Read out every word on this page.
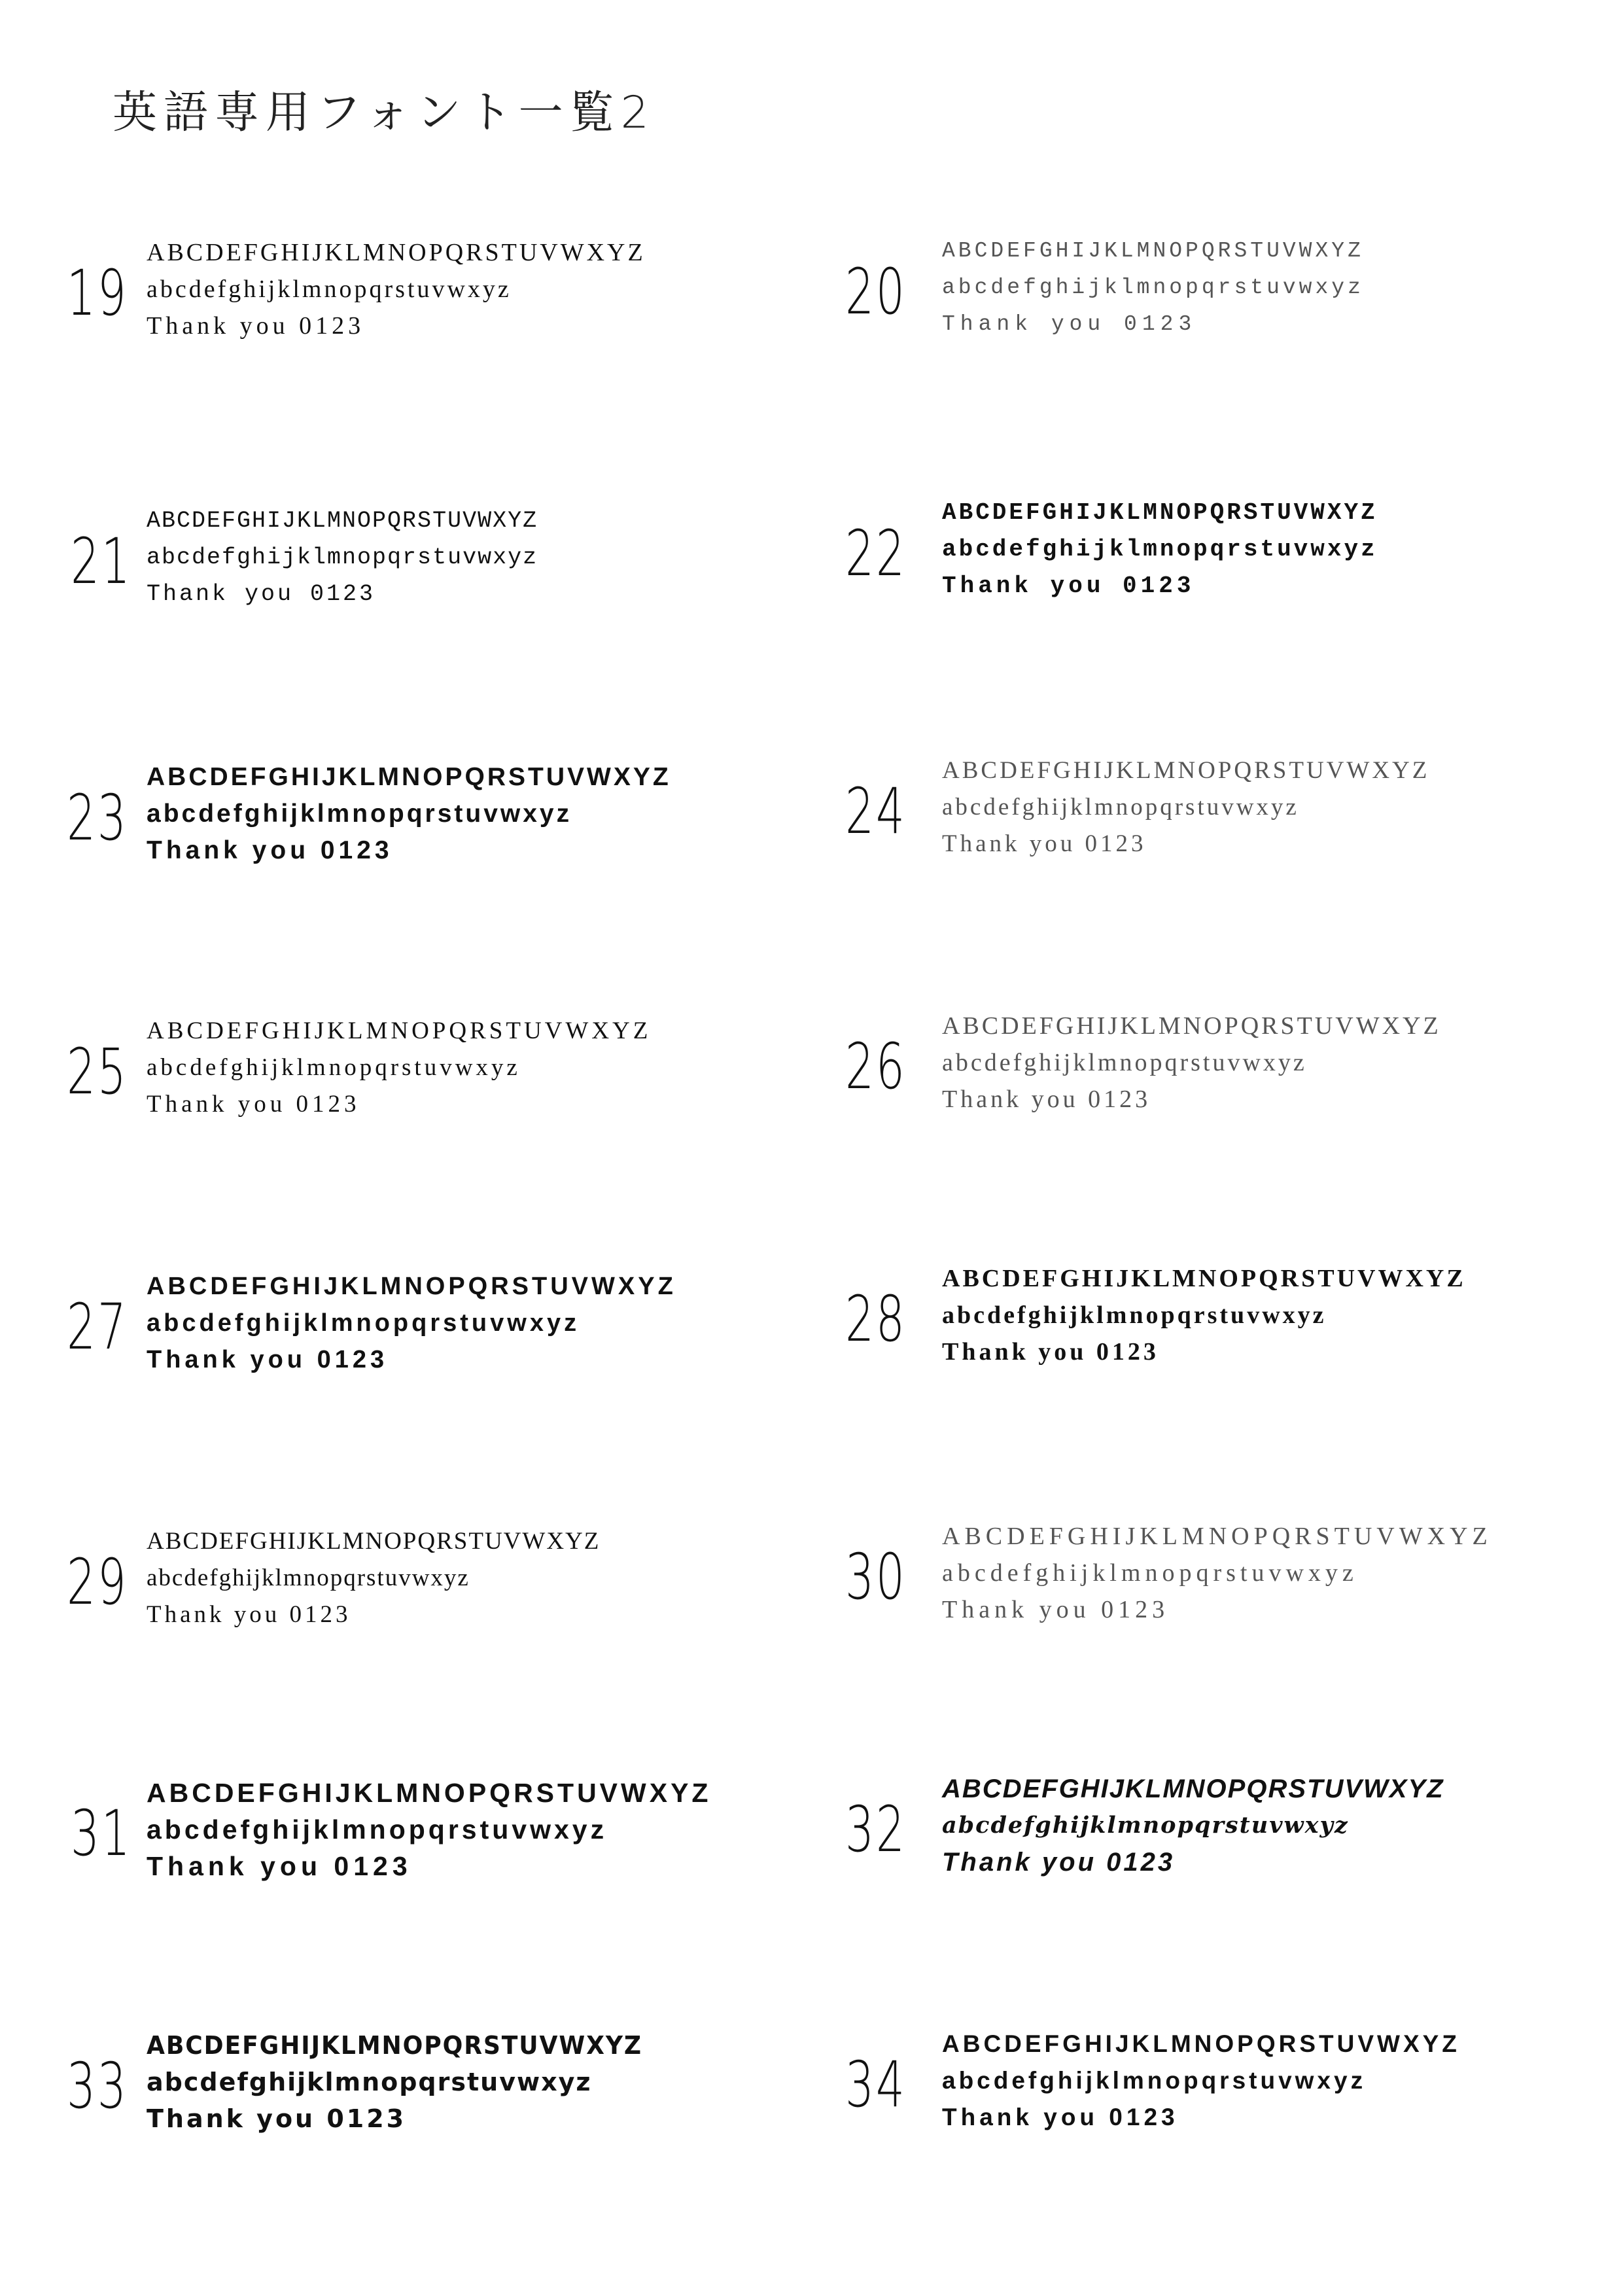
英語専用フォント一覧2
19
ABCDEFGHIJKLMNOPQRSTUVWXYZ
abcdefghijklmnopqrstuvwxyz
Thank you 0123	20
ABCDEFGHIJKLMNOPQRSTUVWXYZ
abcdefghijklmnopqrstuvwxyz
Thank you 0123
21
ABCDEFGHIJKLMNOPQRSTUVWXYZ
abcdefghijklmnopqrstuvwxyz
Thank you 0123
22
ABCDEFGHIJKLMNOPQRSTUVWXYZ
abcdefghijklmnopqrstuvwxyz
Thank you 0123
23
ABCDEFGHIJKLMNOPQRSTUVWXYZ
abcdefghijklmnopqrstuvwxyz
Thank you 0123
24
ABCDEFGHIJKLMNOPQRSTUVWXYZ
abcdefghijklmnopqrstuvwxyz
Thank you 0123
25
ABCDEFGHIJKLMNOPQRSTUVWXYZ
abcdefghijklmnopqrstuvwxyz
Thank you 0123
26
ABCDEFGHIJKLMNOPQRSTUVWXYZ
abcdefghijklmnopqrstuvwxyz
Thank you 0123
27
ABCDEFGHIJKLMNOPQRSTUVWXYZ
abcdefghijklmnopqrstuvwxyz
Thank you 0123
28
ABCDEFGHIJKLMNOPQRSTUVWXYZ
abcdefghijklmnopqrstuvwxyz
Thank you 0123
29
ABCDEFGHIJKLMNOPQRSTUVWXYZ
abcdefghijklmnopqrstuvwxyz
Thank you 0123
30
ABCDEFGHIJKLMNOPQRSTUVWXYZ
abcdefghijklmnopqrstuvwxyz
Thank you 0123
31
ABCDEFGHIJKLMNOPQRSTUVWXYZ
abcdefghijklmnopqrstuvwxyz
Thank you 0123	32
ABCDEFGHIJKLMNOPQRSTUVWXYZ
abcdefghijklmnopqrstuvwxyz
Thank you 0123
33
ABCDEFGHIJKLMNOPQRSTUVWXYZ
abcdefghijklmnopqrstuvwxyz
Thank you 0123	34
ABCDEFGHIJKLMNOPQRSTUVWXYZ
abcdefghijklmnopqrstuvwxyz
Thank you 0123
